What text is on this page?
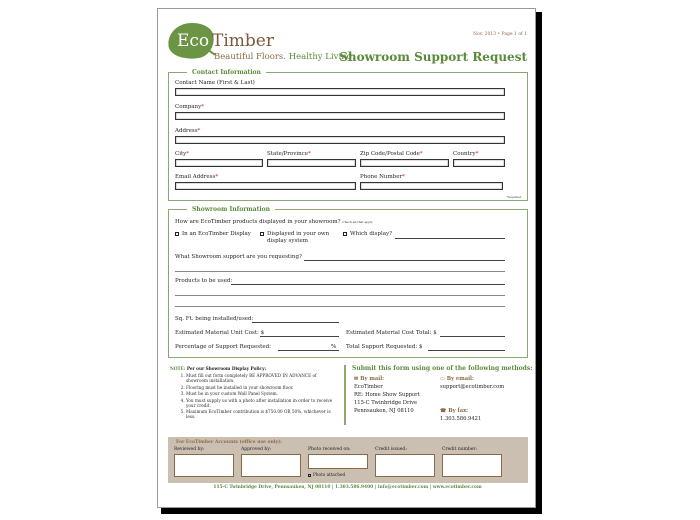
Eco Timber
Beautiful Floors. Healthy Living.
Nov. 2013 • Page 1 of 1
Showroom Support Request
Contact Information
Contact Name (First & Last)
Company*
Address*
City*	State/Province*	Zip Code/Postal Code*	Country*
Email Address*	Phone Number*
*required
Showroom Information
How are EcoTimber products displayed in your showroom? Check all that apply
In an EcoTimber Display	Displayed in your own
display system
Which display?
What Showroom support are you requesting?
Products to be used:
Sq. Ft. being installed/used:
Estimated Material Unit Cost: $	Estimated Material Cost Total: $
Percentage of Support Requested:	% Total Support Requested: $
NOTE: Per our Showroom Display Policy:
1. Must fill out form completely BE APPROVED IN ADVANCE of showroom installation.
2. Flooring must be installed in your showroom floor.
3. Must be in your custom Wall Panel System.
4. You must supply us with a photo after installation in order to receive your credit.
5. Maximum EcoTimber contribution is $750.00 OR 50%, whichever is less.
Submit this form using one of the following methods:
✉ By mail:
EcoTimber
RE: Home Show Support
115-C Twinbridge Drive
Pennsauken, NJ 08110
▭ By email:
support@ecotimber.com
☎ By fax:
1.303.586.9421
For EcoTimber Accounts (office use only):
Reviewed by:	Approved by:	Photo received on:
Photo attached
Credit issued:	Credit number:
115-C Twinbridge Drive, Pennsauken, NJ 08110 | 1.303.586.9400 | info@ecotimber.com | www.ecotimber.com
